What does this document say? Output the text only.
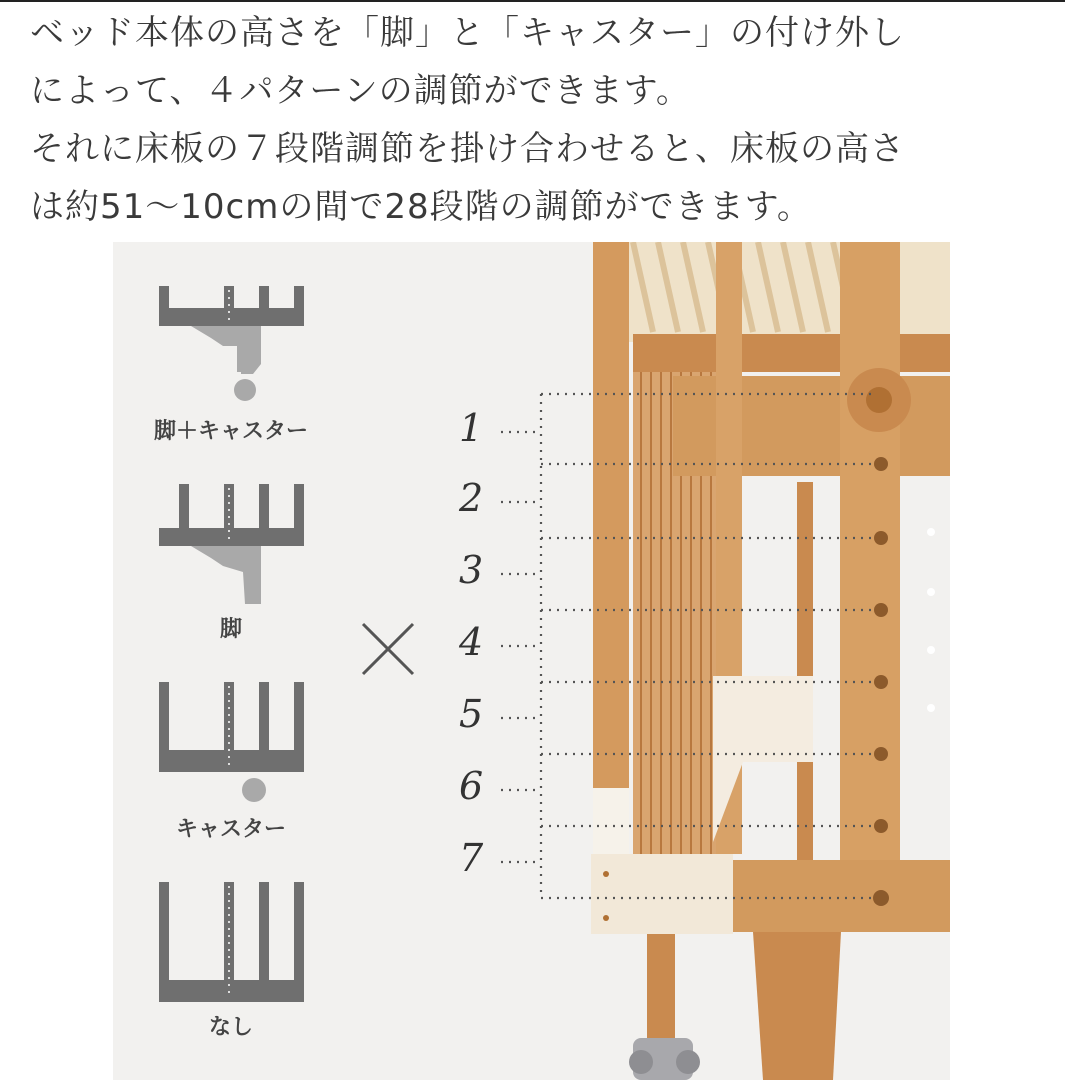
ベッド本体の高さを「脚」と「キャスター」の付け外し

によって、４パターンの調節ができます。

それに床板の７段階調節を掛け合わせると、床板の高さ

は約51〜10cmの間で28段階の調節ができます。

脚＋キャスター
脚
キャスター
なし
1
2
3
4
5
6
7
